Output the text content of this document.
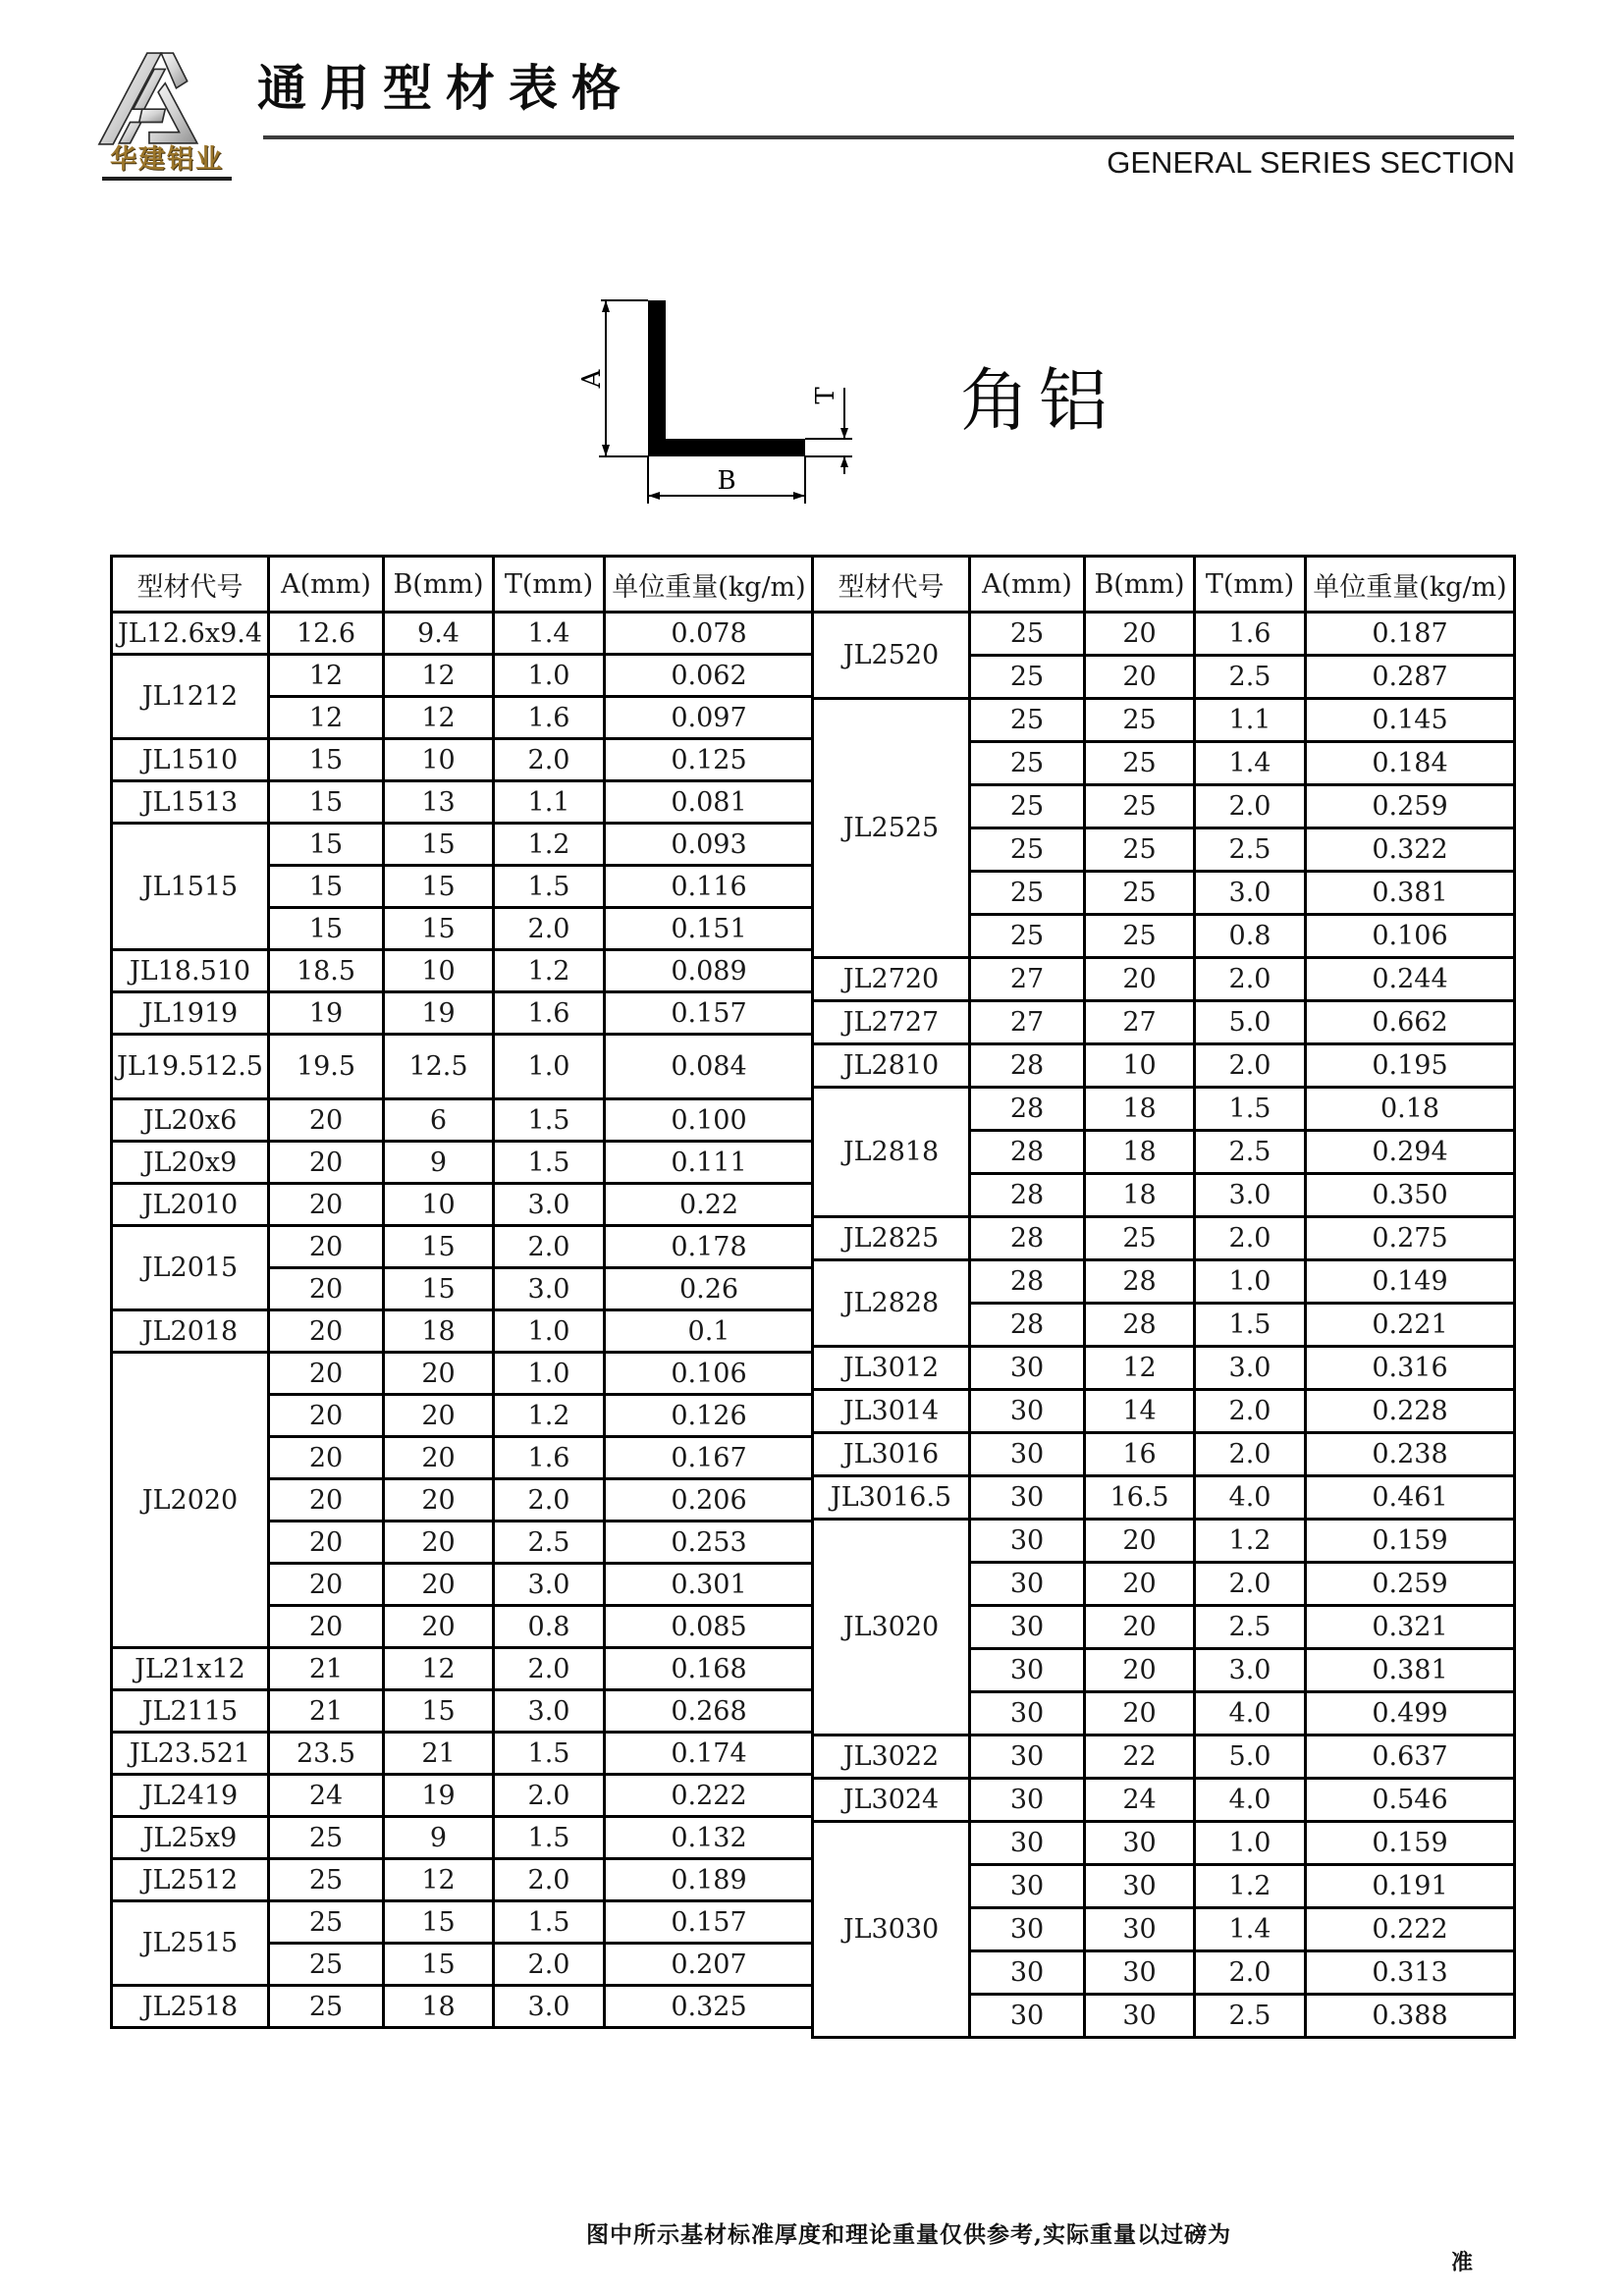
华建铝业
通用型材表格
GENERAL SERIES SECTION
A
B
T 角铝
型材代号	A(mm)	B(mm)	T(mm)	单位重量(kg/m)
JL12.6x9.4	12.6	9.4	1.4	0.078
JL1212	12	12	1.0	0.062
	12	12	1.6	0.097
JL1510	15	10	2.0	0.125
JL1513	15	13	1.1	0.081
JL1515	15	15	1.2	0.093
	15	15	1.5	0.116
	15	15	2.0	0.151
JL18.510	18.5	10	1.2	0.089
JL1919	19	19	1.6	0.157
JL19.512.5	19.5	12.5	1.0	0.084
JL20x6	20	6	1.5	0.100
JL20x9	20	9	1.5	0.111
JL2010	20	10	3.0	0.22
JL2015	20	15	2.0	0.178
	20	15	3.0	0.26
JL2018	20	18	1.0	0.1
JL2020	20	20	1.0	0.106
	20	20	1.2	0.126
	20	20	1.6	0.167
	20	20	2.0	0.206
	20	20	2.5	0.253
	20	20	3.0	0.301
	20	20	0.8	0.085
JL21x12	21	12	2.0	0.168
JL2115	21	15	3.0	0.268
JL23.521	23.5	21	1.5	0.174
JL2419	24	19	2.0	0.222
JL25x9	25	9	1.5	0.132
JL2512	25	12	2.0	0.189
JL2515	25	15	1.5	0.157
	25	15	2.0	0.207
JL2518	25	18	3.0	0.325
型材代号	A(mm)	B(mm)	T(mm)	单位重量(kg/m)
JL2520	25	20	1.6	0.187
	25	20	2.5	0.287
JL2525	25	25	1.1	0.145
	25	25	1.4	0.184
	25	25	2.0	0.259
	25	25	2.5	0.322
	25	25	3.0	0.381
	25	25	0.8	0.106
JL2720	27	20	2.0	0.244
JL2727	27	27	5.0	0.662
JL2810	28	10	2.0	0.195
JL2818	28	18	1.5	0.18
	28	18	2.5	0.294
	28	18	3.0	0.350
JL2825	28	25	2.0	0.275
JL2828	28	28	1.0	0.149
	28	28	1.5	0.221
JL3012	30	12	3.0	0.316
JL3014	30	14	2.0	0.228
JL3016	30	16	2.0	0.238
JL3016.5	30	16.5	4.0	0.461
JL3020	30	20	1.2	0.159
	30	20	2.0	0.259
	30	20	2.5	0.321
	30	20	3.0	0.381
	30	20	4.0	0.499
JL3022	30	22	5.0	0.637
JL3024	30	24	4.0	0.546
JL3030	30	30	1.0	0.159
	30	30	1.2	0.191
	30	30	1.4	0.222
	30	30	2.0	0.313
	30	30	2.5	0.388
图中所示基材标准厚度和理论重量仅供参考,实际重量以过磅为
准
